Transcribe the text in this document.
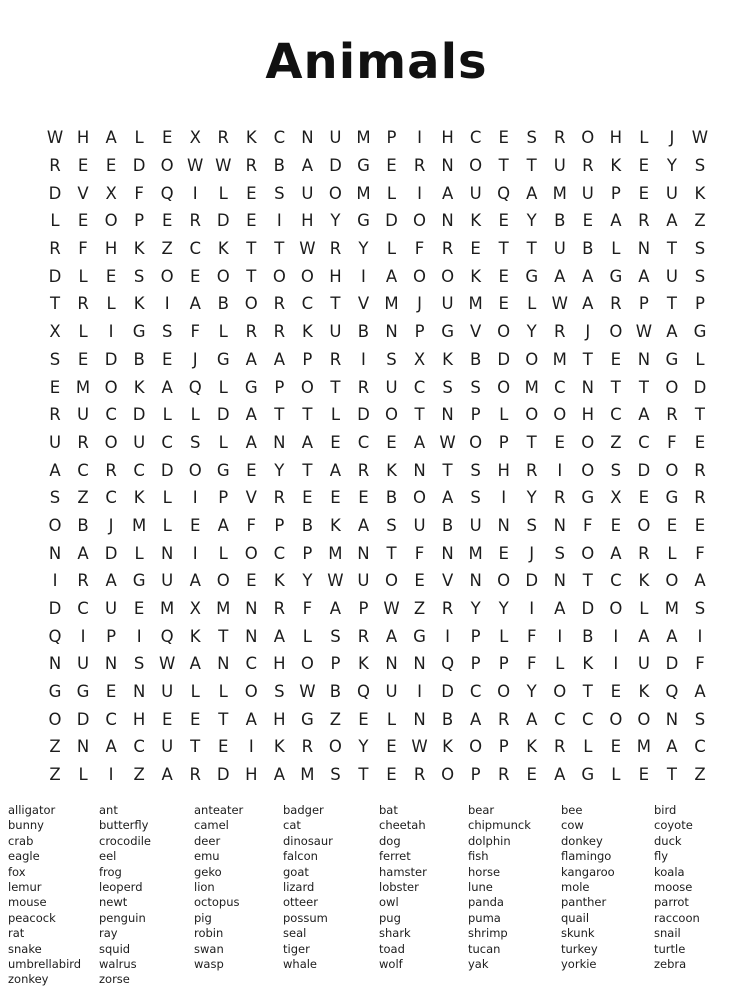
Animals
W H A	L	E	X	R	K	C N U M P	I	H C	E	S	R O H	L	J	W
R	E	E D O W W R	B	A D G E	R N O	T	T	U R	K	E	Y	S
D V	X	F	Q	I	L	E	S	U O M L	I	A U Q A M U	P	E	U	K
L	E O	P	E	R D E	I	H	Y	G D O N K	E	Y	B	E	A	R	A	Z
R	F	H K	Z	C	K	T	T W R	Y	L	F	R	E	T	T	U B	L	N	T	S
D	L	E	S O E O	T	O O H	I	A O O K	E G A	A G A U	S
T	R	L	K	I	A	B O R	C	T	V M	J	U M E	L W A	R	P	T	P
X	L	I	G S	F	L	R	R	K	U B N	P	G V O	Y	R	J	O W A G
S	E D B	E	J	G A	A	P	R	I	S	X	K	B D O M T	E	N G	L
E M O K	A Q	L	G	P	O	T	R U C	S	S O M C N	T	T	O D
R U C D	L	L	D A	T	T	L	D O	T	N	P	L	O O H C	A	R	T
U R O U C	S	L	A N A	E	C	E	A W O	P	T	E O Z	C	F	E
A	C	R	C D O G E	Y	T	A	R	K N	T	S	H R	I	O S D O R
S	Z	C	K	L	I	P	V	R	E	E	E	B O A	S	I	Y	R G X	E G R
O B	J	M L	E	A	F	P	B	K	A	S	U B U N	S	N	F	E O E	E
N A D	L	N	I	L	O C	P M N	T	F	N M E	J	S O A	R	L	F
I	R	A G U A O E	K	Y W U O E	V N O D N	T	C	K O A
D C U	E M X M N R	F	A	P W Z	R	Y	Y	I	A D O	L M S
Q	I	P	I	Q K	T	N A	L	S	R	A G	I	P	L	F	I	B	I	A	A	I
N U N	S W A N C H O	P	K N N Q	P	P	F	L	K	I	U D	F
G G E	N U	L	L	O S W B Q U	I	D C O	Y O	T	E	K Q A
O D C H	E	E	T	A H G Z	E	L	N B	A	R	A	C	C O O N	S
Z N A	C U	T	E	I	K	R O	Y	E W K O	P	K	R	L	E M A	C
Z	L	I	Z	A	R D H A M S	T	E	R O	P	R	E	A G	L	E	T	Z
alligator
bunny
crab
eagle
fox
lemur
mouse
peacock
rat
snake
umbrellabird
zonkey
ant
butterfly
crocodile
eel
frog
leoperd
newt
penguin
ray
squid
walrus
zorse
anteater
camel
deer
emu
geko
lion
octopus
pig
robin
swan
wasp
badger
cat
dinosaur
falcon
goat
lizard
otteer
possum
seal
tiger
whale
bat
cheetah
dog
ferret
hamster
lobster
owl
pug
shark
toad
wolf
bear
chipmunck
dolphin
fish
horse
lune
panda
puma
shrimp
tucan
yak
bee
cow
donkey
flamingo
kangaroo
mole
panther
quail
skunk
turkey
yorkie
bird
coyote
duck
fly
koala
moose
parrot
raccoon
snail
turtle
zebra
